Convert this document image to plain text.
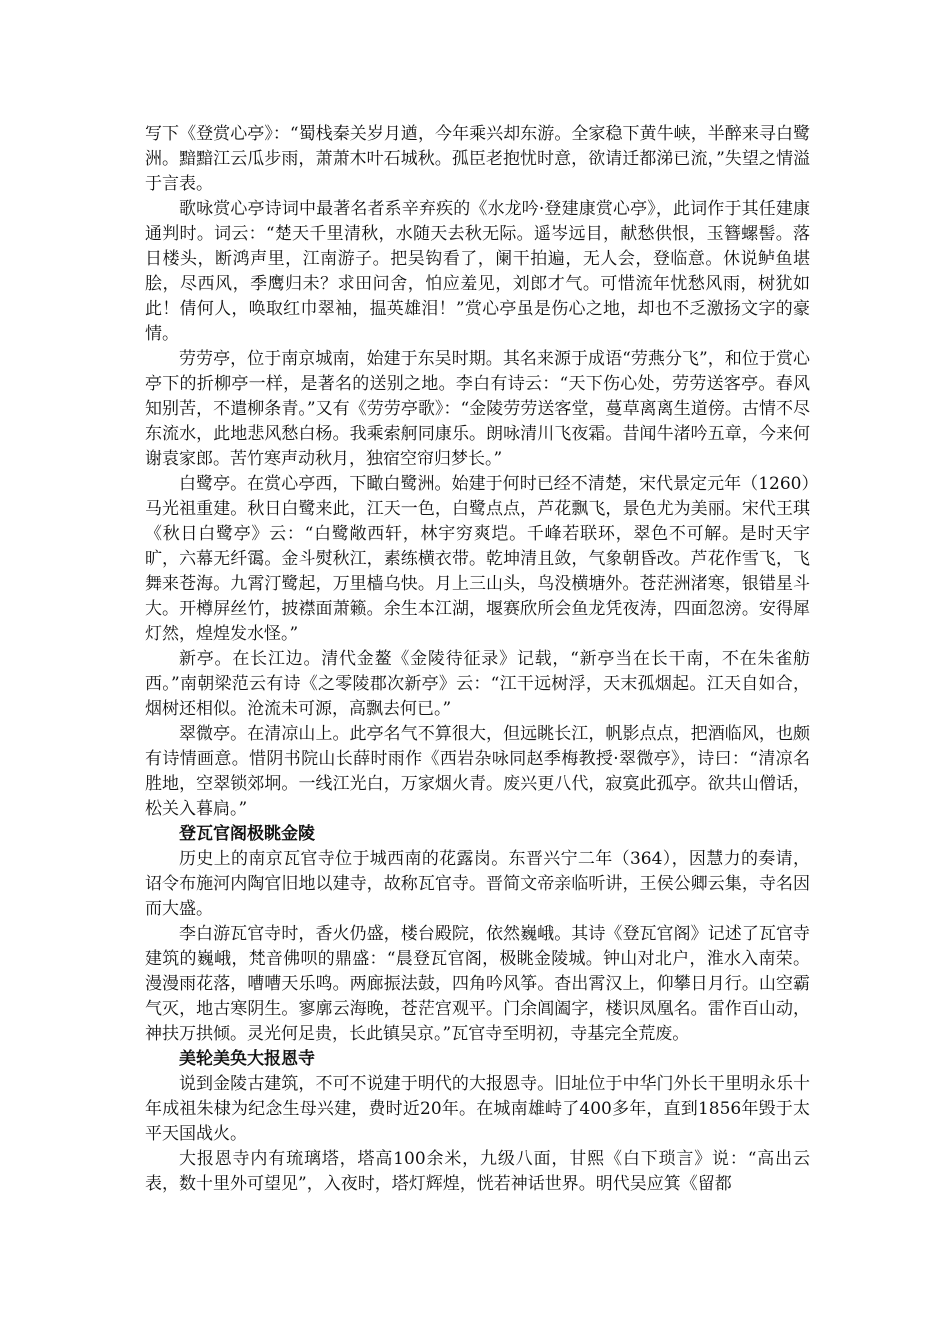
写下《登赏心亭》：“蜀栈秦关岁月遒，今年乘兴却东游。全家稳下黄牛峡，半醉来寻白鹭洲。黯黯江云瓜步雨，萧萧木叶石城秋。孤臣老抱忧时意，欲请迁都涕已流，”失望之情溢于言表。

歌咏赏心亭诗词中最著名者系辛弃疾的《水龙吟·登建康赏心亭》，此词作于其任建康通判时。词云：“楚天千里清秋，水随天去秋无际。遥岑远目，献愁供恨，玉簪螺髻。落日楼头，断鸿声里，江南游子。把吴钩看了，阑干拍遍，无人会，登临意。休说鲈鱼堪脍，尽西风，季鹰归未？求田问舍，怕应羞见，刘郎才气。可惜流年忧愁风雨，树犹如此！倩何人，唤取红巾翠袖，揾英雄泪！”赏心亭虽是伤心之地，却也不乏激扬文字的豪情。

劳劳亭，位于南京城南，始建于东吴时期。其名来源于成语“劳燕分飞”，和位于赏心亭下的折柳亭一样，是著名的送别之地。李白有诗云：“天下伤心处，劳劳送客亭。春风知别苦，不遣柳条青。”又有《劳劳亭歌》：“金陵劳劳送客堂，蔓草离离生道傍。古情不尽东流水，此地悲风愁白杨。我乘索舸同康乐。朗咏清川飞夜霜。昔闻牛渚吟五章，今来何谢袁家郎。苦竹寒声动秋月，独宿空帘归梦长。”

白鹭亭。在赏心亭西，下瞰白鹭洲。始建于何时已经不清楚，宋代景定元年（1260）马光祖重建。秋日白鹭来此，江天一色，白鹭点点，芦花飘飞，景色尤为美丽。宋代王琪《秋日白鹭亭》云：“白鹭敞西轩，林宇穷爽垲。千峰若联环，翠色不可解。是时天宇旷，六幕无纤霭。金斗熨秋江，素练横衣带。乾坤清且敛，气象朝昏改。芦花作雪飞，飞舞来苍海。九霄汀鹭起，万里樯乌快。月上三山头，鸟没横塘外。苍茫洲渚寒，银错星斗大。开樽屏丝竹，披襟面萧籁。余生本江湖，堰赛欣所会鱼龙凭夜涛，四面忽滂。安得犀灯然，煌煌发水怪。”

新亭。在长江边。清代金鳌《金陵待征录》记载，“新亭当在长干南，不在朱雀舫西。”南朝梁范云有诗《之零陵郡次新亭》云：“江干远树浮，天末孤烟起。江天自如合，烟树还相似。沧流未可源，高飘去何已。”

翠微亭。在清凉山上。此亭名气不算很大，但远眺长江，帆影点点，把酒临风，也颇有诗情画意。惜阴书院山长薛时雨作《西岩杂咏同赵季梅教授·翠微亭》，诗曰：“清凉名胜地，空翠锁郊坰。一线江光白，万家烟火青。废兴更八代，寂寞此孤亭。欲共山僧话，松关入暮扃。”

登瓦官阁极眺金陵

历史上的南京瓦官寺位于城西南的花露岗。东晋兴宁二年（364），因慧力的奏请，诏令布施河内陶官旧地以建寺，故称瓦官寺。晋简文帝亲临听讲，王侯公卿云集，寺名因而大盛。

李白游瓦官寺时，香火仍盛，楼台殿院，依然巍峨。其诗《登瓦官阁》记述了瓦官寺建筑的巍峨，梵音佛呗的鼎盛：“晨登瓦官阁，极眺金陵城。钟山对北户，淮水入南荣。漫漫雨花落，嘈嘈天乐鸣。两廊振法鼓，四角吟风筝。杳出霄汉上，仰攀日月行。山空霸气灭，地古寒阴生。寥廓云海晚，苍茫宫观平。门余阊阖字，楼识凤凰名。雷作百山动，神扶万拱倾。灵光何足贵，长此镇吴京。”瓦官寺至明初，寺基完全荒废。

美轮美奂大报恩寺

说到金陵古建筑，不可不说建于明代的大报恩寺。旧址位于中华门外长干里明永乐十年成祖朱棣为纪念生母兴建，费时近20年。在城南雄峙了400多年，直到1856年毁于太平天国战火。

大报恩寺内有琉璃塔，塔高100余米，九级八面，甘熙《白下琐言》说：“高出云表，数十里外可望见”，入夜时，塔灯辉煌，恍若神话世界。明代吴应箕《留都
